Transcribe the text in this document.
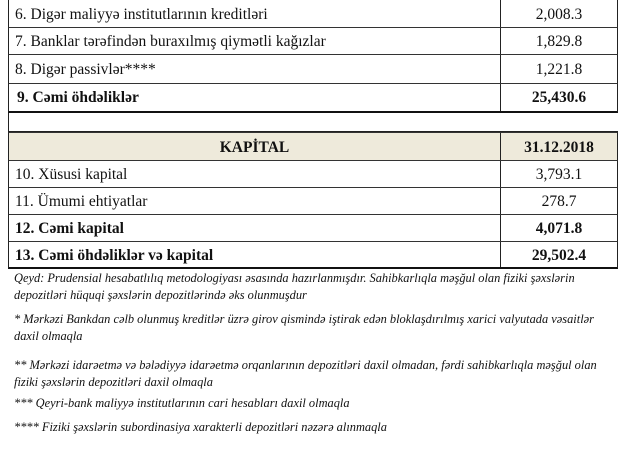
6. Digər maliyyə institutlarının kreditləri	2,008.3
7. Banklar tərəfindən buraxılmış qiymətli kağızlar	1,829.8
8. Digər passivlər****	1,221.8
9. Cəmi öhdəliklər	25,430.6
KAPİTAL	31.12.2018
10. Xüsusi kapital	3,793.1
11. Ümumi ehtiyatlar	278.7
12. Cəmi kapital	4,071.8
13. Cəmi öhdəliklər və kapital	29,502.4

Qeyd: Prudensial hesabatlılıq metodologiyası əsasında hazırlanmışdır. Sahibkarlıqla məşğul olan fiziki şəxslərin depozitləri hüquqi şəxslərin depozitlərində əks olunmuşdur

* Mərkəzi Bankdan cəlb olunmuş kreditlər üzrə girov qismində iştirak edən bloklaşdırılmış xarici valyutada vəsaitlər daxil olmaqla

** Mərkəzi idarəetmə və bələdiyyə idarəetmə orqanlarının depozitləri daxil olmadan, fərdi sahibkarlıqla məşğul olan fiziki şəxslərin depozitləri daxil olmaqla

*** Qeyri-bank maliyyə institutlarının cari hesabları daxil olmaqla

**** Fiziki şəxslərin subordinasiya xarakterli depozitləri nəzərə alınmaqla
